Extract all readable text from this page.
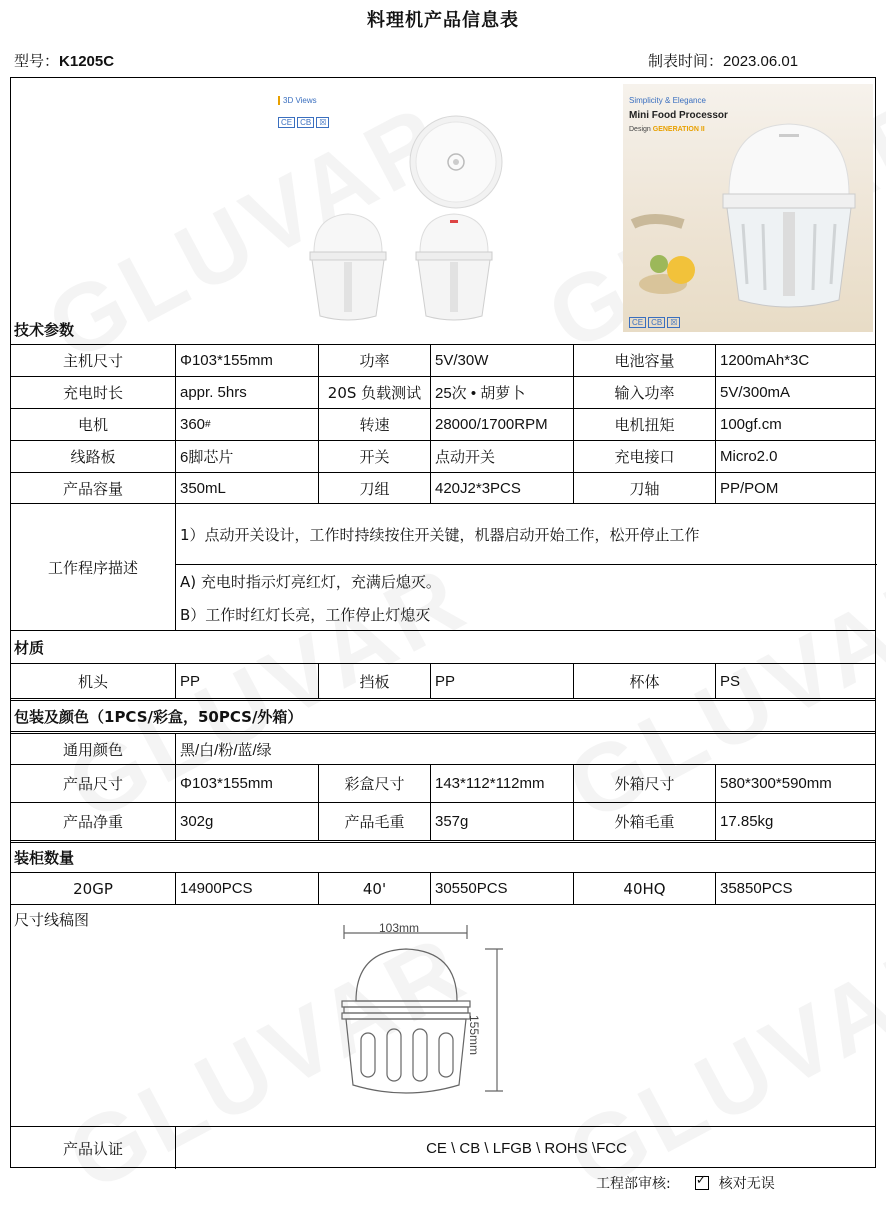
料理机产品信息表
型号：K1205C	制表时间：2023.06.01
3D Views
CE CB ☒
Simplicity & Elegance
Mini Food Processor
Design GENERATION II
CE CB ☒
技术参数
工作程序描述
1）点动开关设计，工作时持续按住开关键，机器启动开始工作，松开停止工作
A) 充电时指示灯亮红灯，充满后熄灭。
B）工作时红灯长亮，工作停止灯熄灭
材质
包装及颜色（1PCS/彩盒，50PCS/外箱）
通用颜色	黑/白/粉/蓝/绿
装柜数量
尺寸线稿图	103mm
155mm
产品认证	CE \ CB \ LFGB \ ROHS \FCC
主机尺寸	Φ103*155mm	功率	5V/30W	电池容量	1200mAh*3C
充电时长	appr. 5hrs	20S 负载测试 25次 • 胡萝卜	输入功率	5V/300mA
电机	360 #	转速	28000/1700RPM	电机扭矩	100gf.cm
线路板	6脚芯片	开关	点动开关	充电接口	Micro2.0
产品容量	350mL	刀组	420J2*3PCS	刀轴	PP/POM
机头	PP	挡板	PP	杯体	PS
产品尺寸	Φ103*155mm	彩盒尺寸	143*112*112mm	外箱尺寸	580*300*590mm
产品净重	302g	产品毛重	357g	外箱毛重	17.85kg
20GP	14900PCS	40'	30550PCS	40HQ	35850PCS
工程部审核:✓	核对无误
